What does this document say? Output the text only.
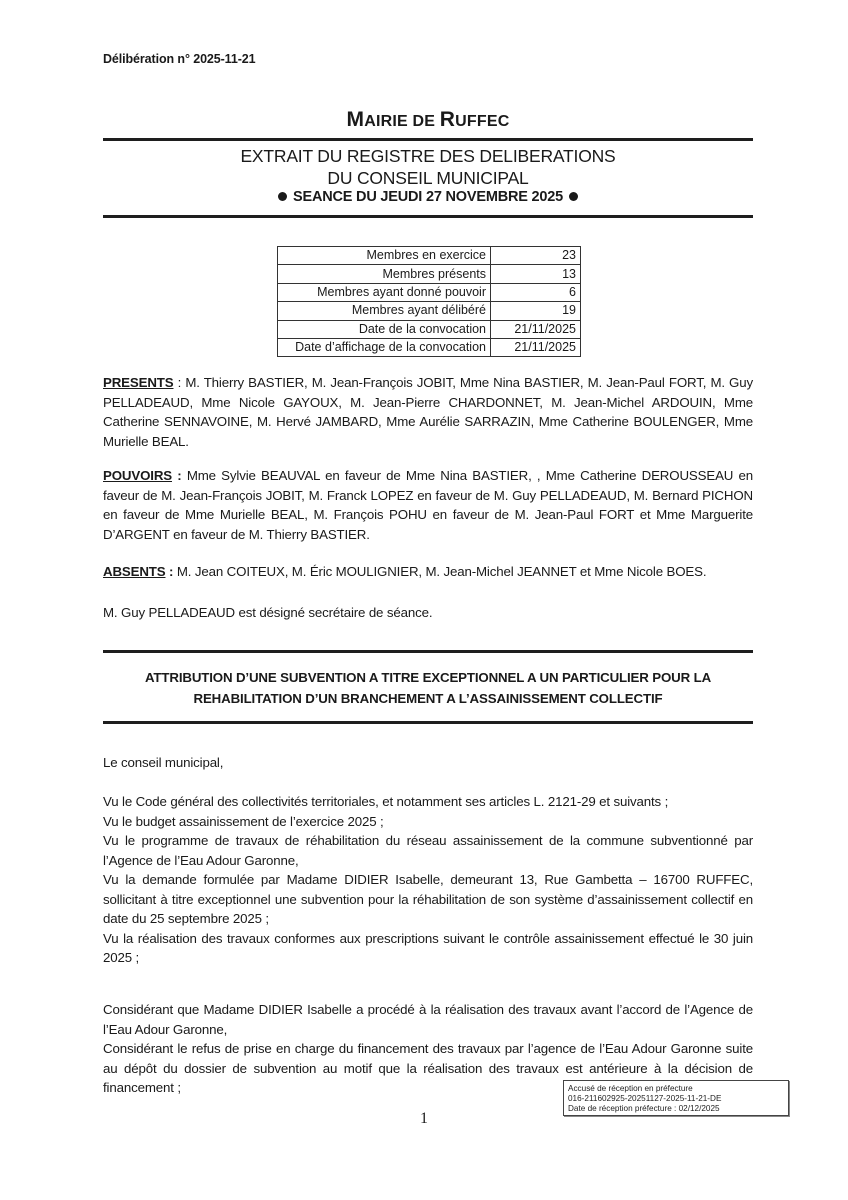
Délibération n° 2025-11-21
MAIRIE DE RUFFEC
EXTRAIT DU REGISTRE DES DELIBERATIONS
DU CONSEIL MUNICIPAL
SEANCE DU JEUDI 27 NOVEMBRE 2025
Membres en exercice	23
Membres présents	13
Membres ayant donné pouvoir	6
Membres ayant délibéré	19
Date de la convocation	21/11/2025
Date d’affichage de la convocation	21/11/2025
PRESENTS : M. Thierry BASTIER, M. Jean-François JOBIT, Mme Nina BASTIER, M. Jean-Paul FORT, M. Guy PELLADEAUD, Mme Nicole GAYOUX, M. Jean-Pierre CHARDONNET, M. Jean-Michel ARDOUIN, Mme Catherine SENNAVOINE, M. Hervé JAMBARD, Mme Aurélie SARRAZIN, Mme Catherine BOULENGER, Mme Murielle BEAL.
POUVOIRS : Mme Sylvie BEAUVAL en faveur de Mme Nina BASTIER, , Mme Catherine DEROUSSEAU en faveur de M. Jean-François JOBIT, M. Franck LOPEZ en faveur de M. Guy PELLADEAUD, M. Bernard PICHON en faveur de Mme Murielle BEAL, M. François POHU en faveur de M. Jean-Paul FORT et Mme Marguerite D’ARGENT en faveur de M. Thierry BASTIER.
ABSENTS : M. Jean COITEUX, M. Éric MOULIGNIER, M. Jean-Michel JEANNET et Mme Nicole BOES.
M. Guy PELLADEAUD est désigné secrétaire de séance.
ATTRIBUTION D’UNE SUBVENTION A TITRE EXCEPTIONNEL A UN PARTICULIER POUR LA
REHABILITATION D’UN BRANCHEMENT A L’ASSAINISSEMENT COLLECTIF
Le conseil municipal,
Vu le Code général des collectivités territoriales, et notamment ses articles L. 2121-29 et suivants ;
Vu le budget assainissement de l’exercice 2025 ;
Vu le programme de travaux de réhabilitation du réseau assainissement de la commune subventionné par l’Agence de l’Eau Adour Garonne,
Vu la demande formulée par Madame DIDIER Isabelle, demeurant 13, Rue Gambetta – 16700 RUFFEC, sollicitant à titre exceptionnel une subvention pour la réhabilitation de son système d’assainissement collectif en date du 25 septembre 2025 ;
Vu la réalisation des travaux conformes aux prescriptions suivant le contrôle assainissement effectué le 30 juin 2025 ;
Considérant que Madame DIDIER Isabelle a procédé à la réalisation des travaux avant l’accord de l’Agence de l’Eau Adour Garonne,
Considérant le refus de prise en charge du financement des travaux par l’agence de l’Eau Adour Garonne suite au dépôt du dossier de subvention au motif que la réalisation des travaux est antérieure à la décision de financement ;	Accusé de réception en préfecture
016-211602925-20251127-2025-11-21-DE
Date de réception préfecture : 02/12/2025
1
